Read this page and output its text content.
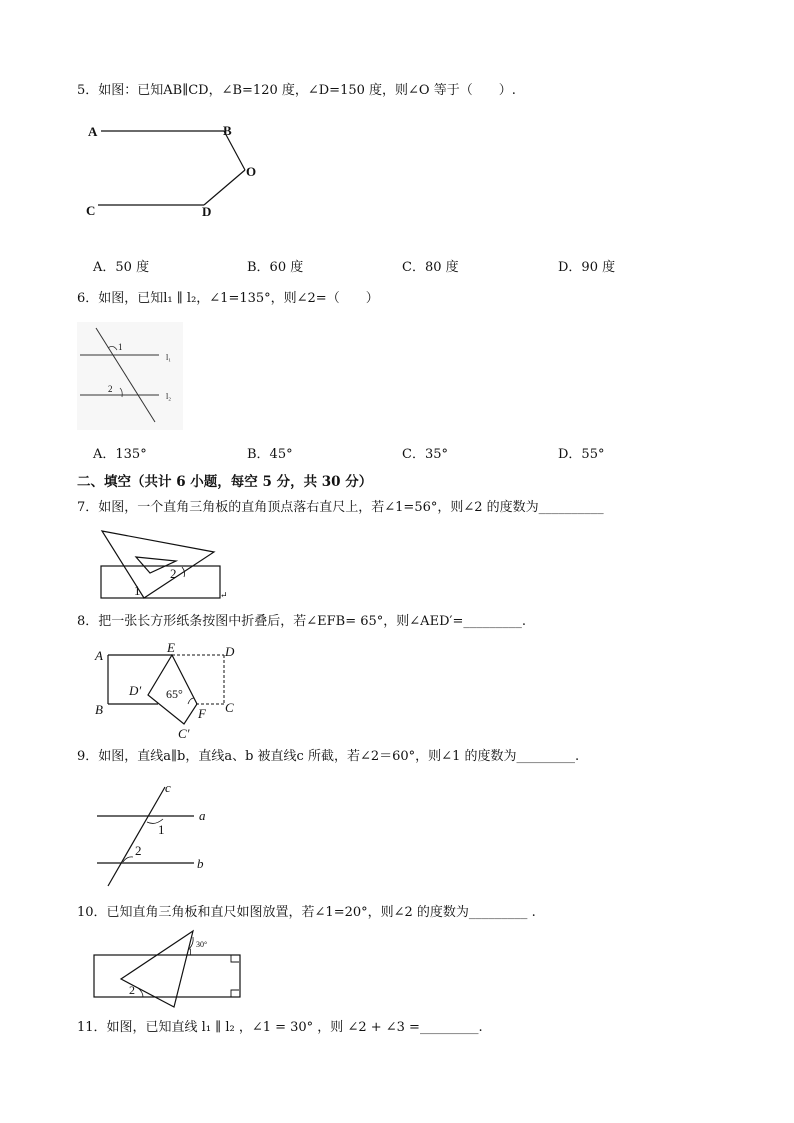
5．如图：已知AB∥CD，∠B=120 度，∠D=150 度，则∠O 等于（　　）.
A	B
O
C	D
A．50 度	B．60 度	C．80 度	D．90 度
6．如图，已知l₁ ∥ l₂，∠1=135°，则∠2=（　　）
1
2
l₁
l₂
A．135°	B．45°	C．35°	D．55°
二、填空（共计 6 小题，每空 5 分，共 30 分）
7．如图，一个直角三角板的直角顶点落右直尺上，若∠1=56°，则∠2 的度数为__________
1
2
↵
8．把一张长方形纸条按图中折叠后，若∠EFB= 65°，则∠AED′=_________.
A
E	D
D′ 65°
B	F C
C′
9．如图，直线a∥b，直线a、b 被直线c 所截，若∠2＝60°，则∠1 的度数为_________.
c
a
1
2
b
10．已知直角三角板和直尺如图放置，若∠1=20°，则∠2 的度数为_________ .
30°
1
2
11．如图，已知直线 l₁ ∥ l₂ ，∠1 = 30° ，则 ∠2 + ∠3 =_________.
